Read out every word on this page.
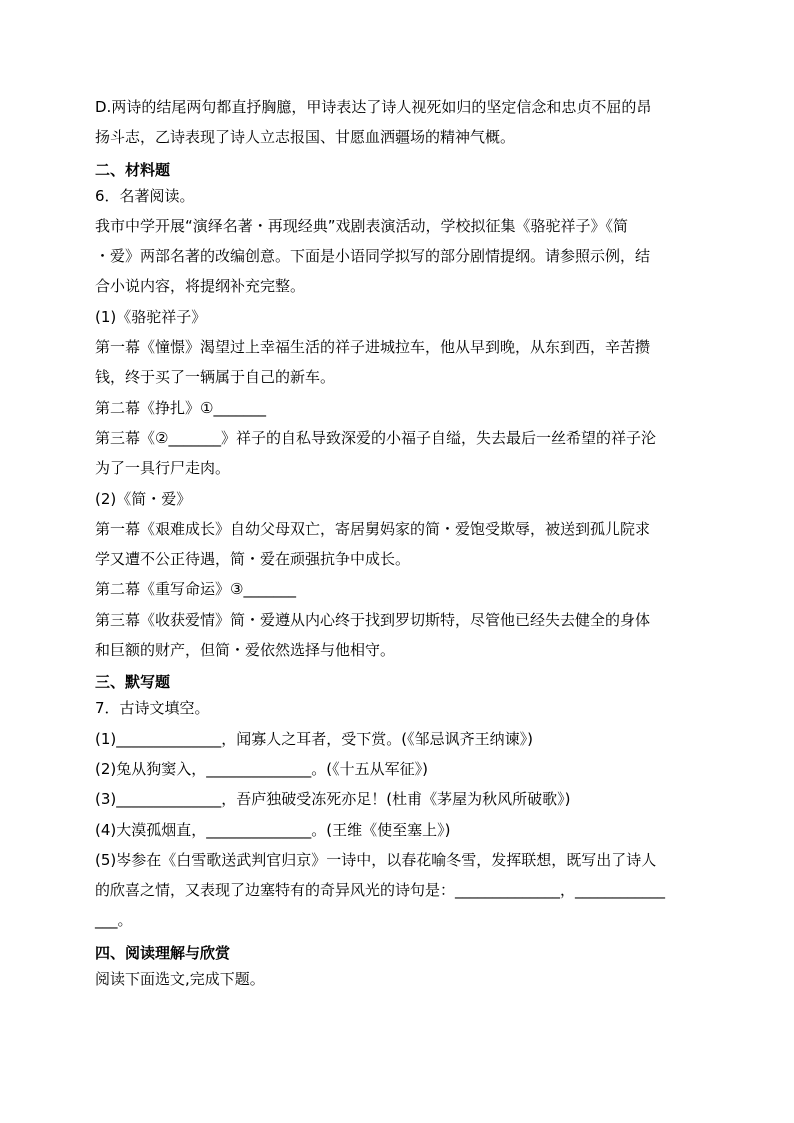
D.两诗的结尾两句都直抒胸臆，甲诗表达了诗人视死如归的坚定信念和忠贞不屈的昂

扬斗志，乙诗表现了诗人立志报国、甘愿血洒疆场的精神气概。

二、材料题

6．名著阅读。

我市中学开展“演绎名著・再现经典”戏剧表演活动，学校拟征集《骆驼祥子》《简

・爱》两部名著的改编创意。下面是小语同学拟写的部分剧情提纲。请参照示例，结

合小说内容，将提纲补充完整。

(1)《骆驼祥子》

第一幕《憧憬》渴望过上幸福生活的祥子进城拉车，他从早到晚，从东到西，辛苦攒

钱，终于买了一辆属于自己的新车。

第二幕《挣扎》①_______

第三幕《②_______》祥子的自私导致深爱的小福子自缢，失去最后一丝希望的祥子沦

为了一具行尸走肉。

(2)《简・爱》

第一幕《艰难成长》自幼父母双亡，寄居舅妈家的简・爱饱受欺辱，被送到孤儿院求

学又遭不公正待遇，简・爱在顽强抗争中成长。

第二幕《重写命运》③_______

第三幕《收获爱情》简・爱遵从内心终于找到罗切斯特，尽管他已经失去健全的身体

和巨额的财产，但简・爱依然选择与他相守。

三、默写题

7．古诗文填空。

(1)______________，闻寡人之耳者，受下赏。(《邹忌讽齐王纳谏》)

(2)兔从狗窦入，______________。(《十五从军征》)

(3)______________，吾庐独破受冻死亦足！(杜甫《茅屋为秋风所破歌》)

(4)大漠孤烟直，______________。(王维《使至塞上》)

(5)岑参在《白雪歌送武判官归京》一诗中，以春花喻冬雪，发挥联想，既写出了诗人

的欣喜之情，又表现了边塞特有的奇异风光的诗句是：______________，____________

___。

四、阅读理解与欣赏

阅读下面选文,完成下题。
